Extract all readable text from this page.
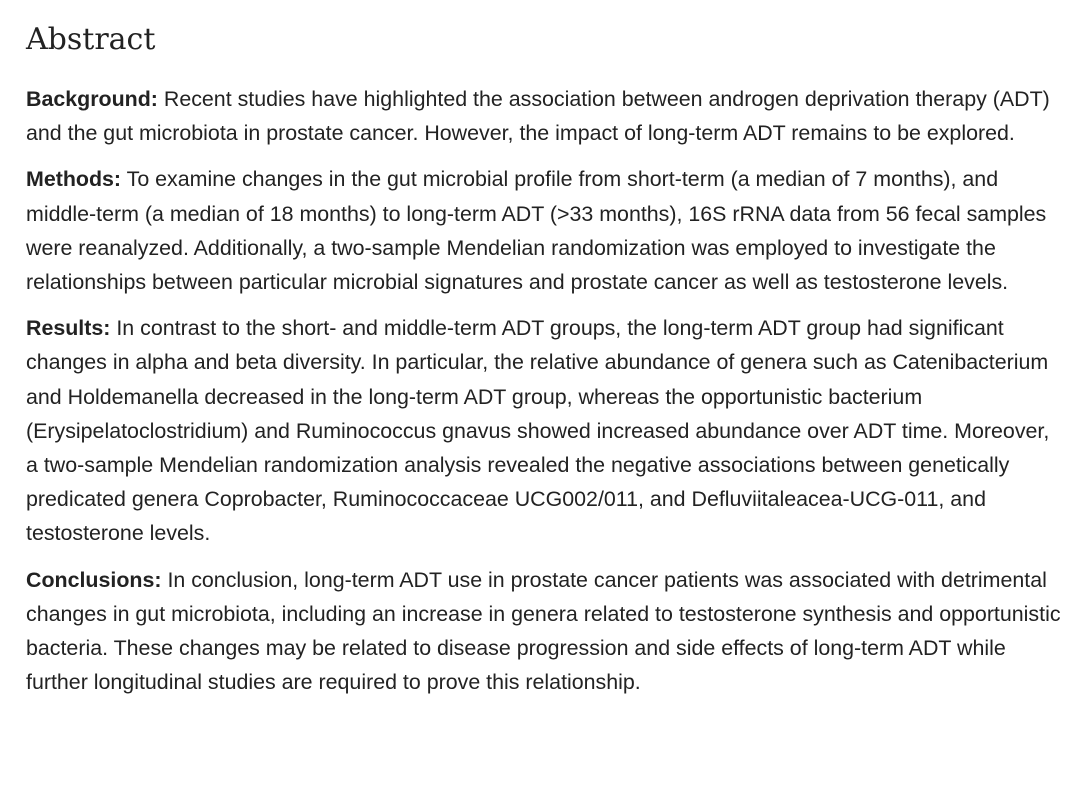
Abstract

Background: Recent studies have highlighted the association between androgen deprivation therapy (ADT) and the gut microbiota in prostate cancer. However, the impact of long-term ADT remains to be explored.

Methods: To examine changes in the gut microbial profile from short-term (a median of 7 months), and middle-term (a median of 18 months) to long-term ADT (>33 months), 16S rRNA data from 56 fecal samples were reanalyzed. Additionally, a two-sample Mendelian randomization was employed to investigate the relationships between particular microbial signatures and prostate cancer as well as testosterone levels.

Results: In contrast to the short- and middle-term ADT groups, the long-term ADT group had significant changes in alpha and beta diversity. In particular, the relative abundance of genera such as Catenibacterium and Holdemanella decreased in the long-term ADT group, whereas the opportunistic bacterium (Erysipelatoclostridium) and Ruminococcus gnavus showed increased abundance over ADT time. Moreover, a two-sample Mendelian randomization analysis revealed the negative associations between genetically predicated genera Coprobacter, Ruminococcaceae UCG002/011, and Defluviitaleacea-UCG-011, and testosterone levels.

Conclusions: In conclusion, long-term ADT use in prostate cancer patients was associated with detrimental changes in gut microbiota, including an increase in genera related to testosterone synthesis and opportunistic bacteria. These changes may be related to disease progression and side effects of long-term ADT while further longitudinal studies are required to prove this relationship.
